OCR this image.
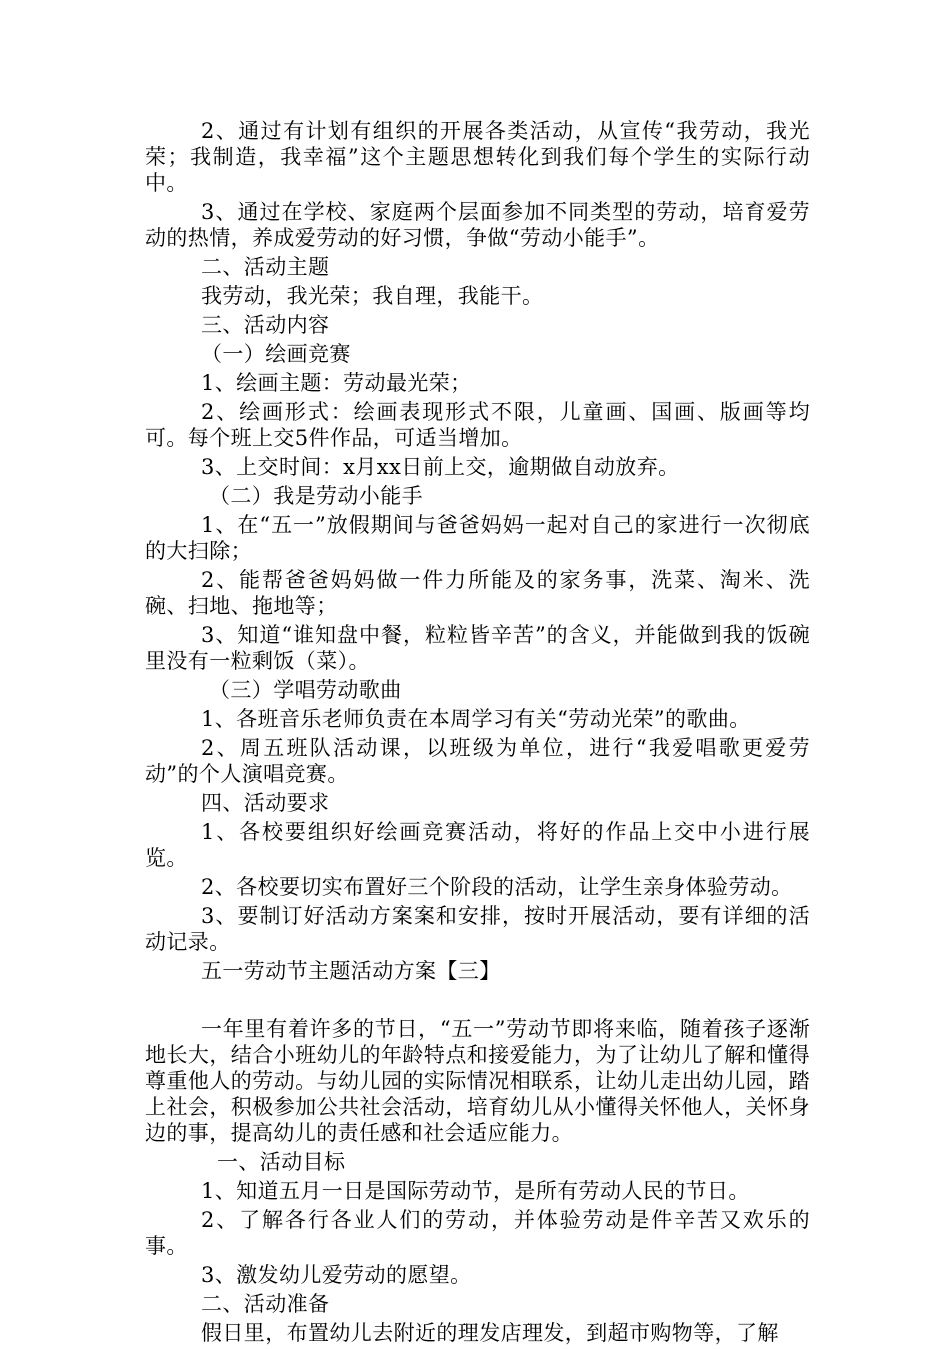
2、通过有计划有组织的开展各类活动，从宣传“我劳动，我光荣；我制造，我幸福”这个主题思想转化到我们每个学生的实际行动中。

3、通过在学校、家庭两个层面参加不同类型的劳动，培育爱劳动的热情，养成爱劳动的好习惯，争做“劳动小能手”。

二、活动主题

我劳动，我光荣；我自理，我能干。

三、活动内容

（一）绘画竞赛

1、绘画主题：劳动最光荣；

2、绘画形式：绘画表现形式不限，儿童画、国画、版画等均可。每个班上交5件作品，可适当增加。

3、上交时间：x月xx日前上交，逾期做自动放弃。

（二）我是劳动小能手

1、在“五一”放假期间与爸爸妈妈一起对自己的家进行一次彻底的大扫除；

2、能帮爸爸妈妈做一件力所能及的家务事，洗菜、淘米、洗碗、扫地、拖地等；

3、知道“谁知盘中餐，粒粒皆辛苦”的含义，并能做到我的饭碗里没有一粒剩饭（菜）。

（三）学唱劳动歌曲

1、各班音乐老师负责在本周学习有关“劳动光荣”的歌曲。

2、周五班队活动课，以班级为单位，进行“我爱唱歌更爱劳动”的个人演唱竞赛。

四、活动要求

1、各校要组织好绘画竞赛活动，将好的作品上交中小进行展览。

2、各校要切实布置好三个阶段的活动，让学生亲身体验劳动。

3、要制订好活动方案案和安排，按时开展活动，要有详细的活动记录。

五一劳动节主题活动方案【三】

一年里有着许多的节日，“五一”劳动节即将来临，随着孩子逐渐地长大，结合小班幼儿的年龄特点和接爱能力，为了让幼儿了解和懂得尊重他人的劳动。与幼儿园的实际情况相联系，让幼儿走出幼儿园，踏上社会，积极参加公共社会活动，培育幼儿从小懂得关怀他人，关怀身边的事，提高幼儿的责任感和社会适应能力。

一、活动目标

1、知道五月一日是国际劳动节，是所有劳动人民的节日。

2、了解各行各业人们的劳动，并体验劳动是件辛苦又欢乐的事。

3、激发幼儿爱劳动的愿望。

二、活动准备

假日里，布置幼儿去附近的理发店理发，到超市购物等，了解
